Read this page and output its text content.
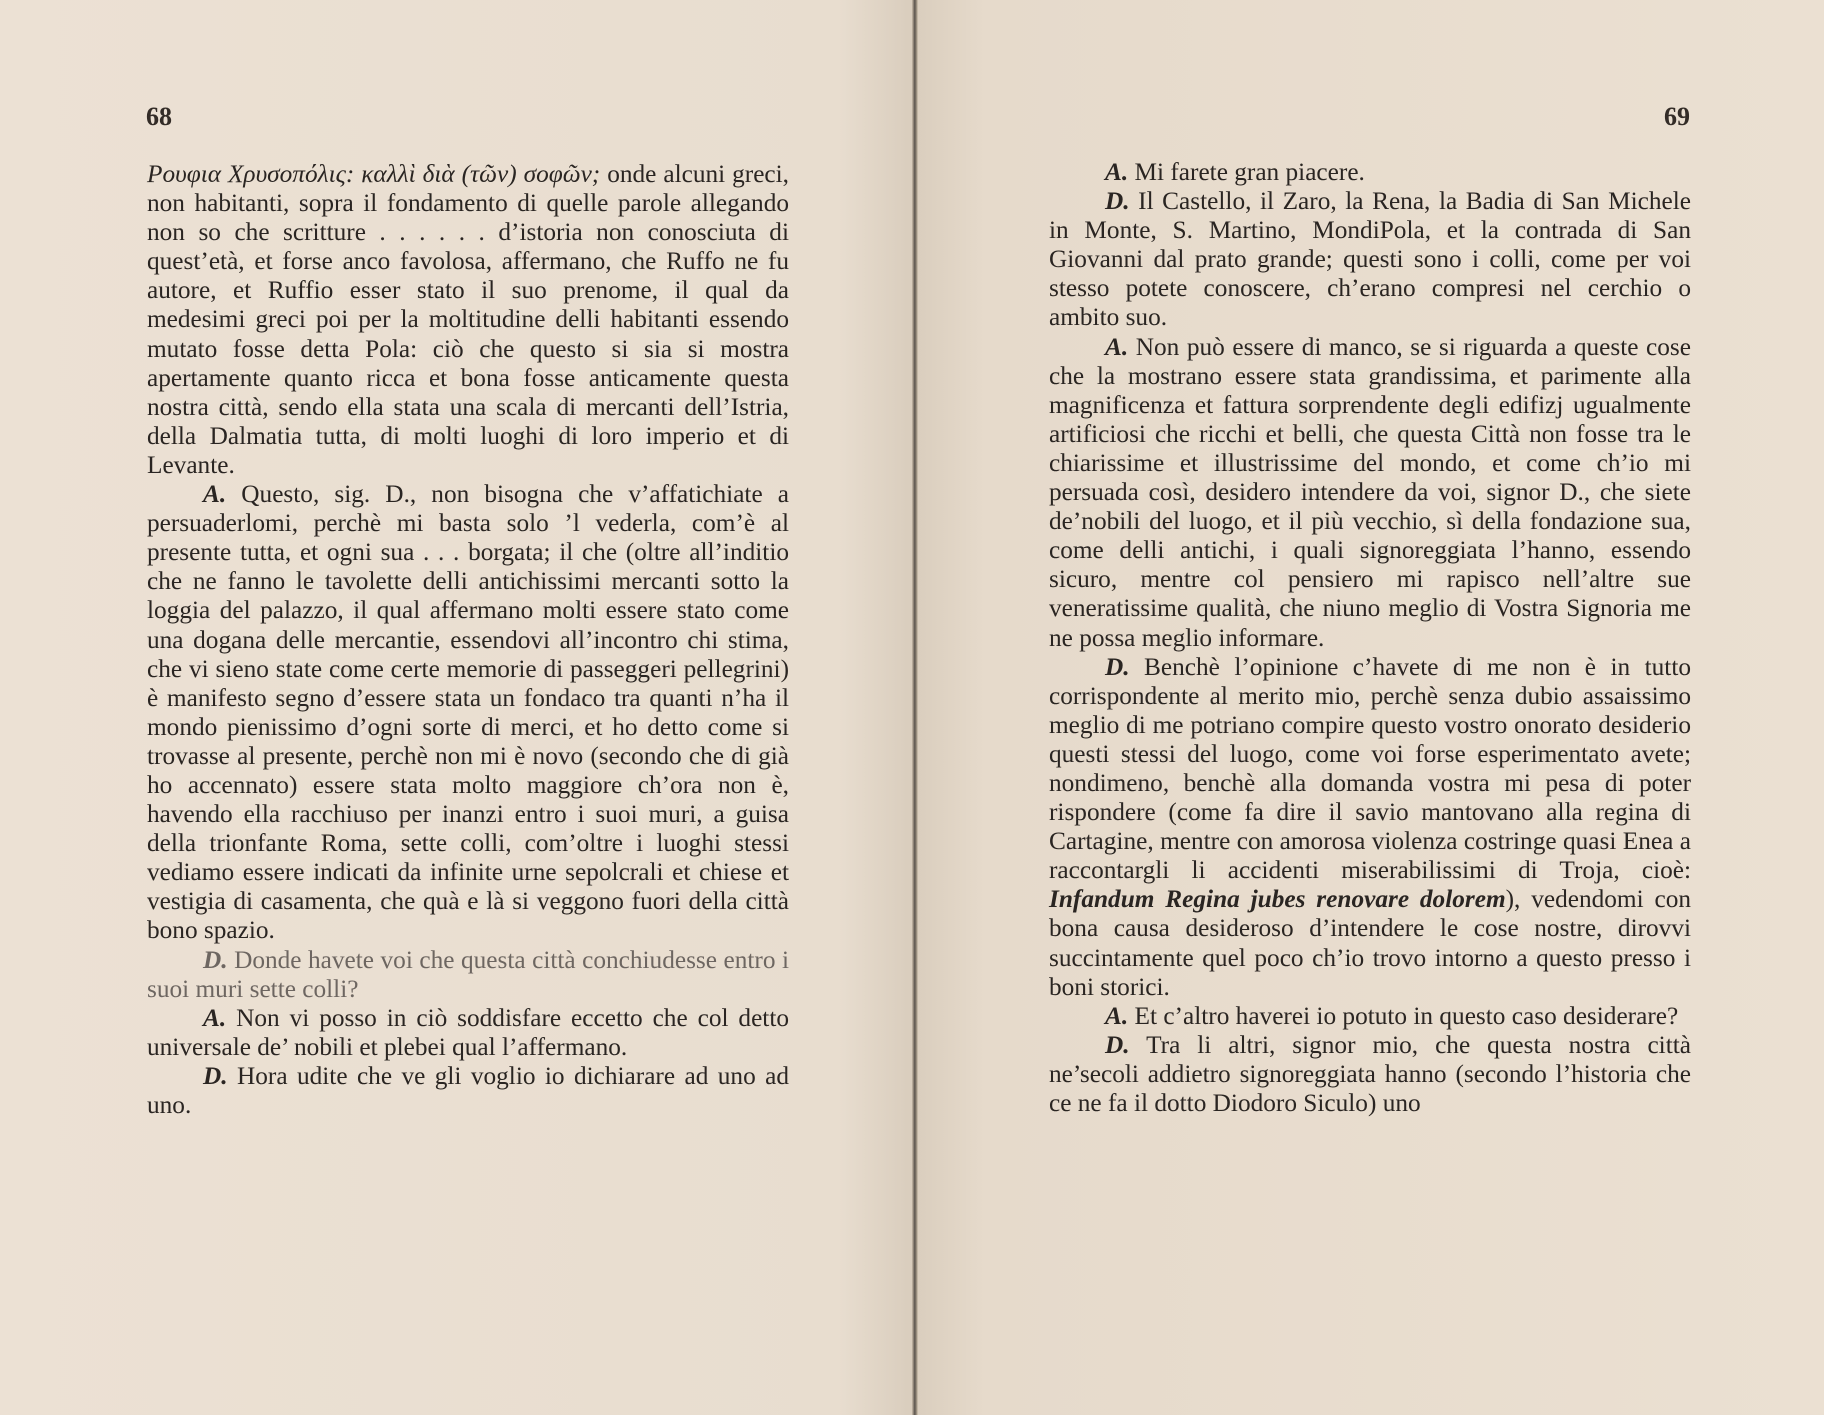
68

Ρουφια Χρυσοπόλις: καλλὶ διὰ (τῶν) σοφῶν; onde alcuni greci, non habitanti, sopra il fondamento di quelle parole allegando non so che scritture . . . . . . d’istoria non conosciuta di quest’età, et forse anco favolosa, affermano, che Ruffo ne fu autore, et Ruffio esser stato il suo prenome, il qual da medesimi greci poi per la moltitudine delli habitanti essendo mutato fosse detta Pola: ciò che questo si sia si mostra apertamente quanto ricca et bona fosse anticamente questa nostra città, sendo ella stata una scala di mercanti dell’Istria, della Dalmatia tutta, di molti luoghi di loro imperio et di Levante.

A. Questo, sig. D., non bisogna che v’affatichiate a persuaderlomi, perchè mi basta solo ’l vederla, com’è al presente tutta, et ogni sua . . . borgata; il che (oltre all’inditio che ne fanno le tavolette delli antichissimi mercanti sotto la loggia del palazzo, il qual affermano molti essere stato come una dogana delle mercantie, essendovi all’incontro chi stima, che vi sieno state come certe memorie di passeggeri pellegrini) è manifesto segno d’essere stata un fondaco tra quanti n’ha il mondo pienissimo d’ogni sorte di merci, et ho detto come si trovasse al presente, perchè non mi è novo (secondo che di già ho accennato) essere stata molto maggiore ch’ora non è, havendo ella racchiuso per inanzi entro i suoi muri, a guisa della trionfante Roma, sette colli, com’oltre i luoghi stessi vediamo essere indicati da infinite urne sepolcrali et chiese et vestigia di casamenta, che quà e là si veggono fuori della città bono spazio.

D. Donde havete voi che questa città conchiudesse entro i suoi muri sette colli?

A. Non vi posso in ciò soddisfare eccetto che col detto universale de’ nobili et plebei qual l’affermano.

D. Hora udite che ve gli voglio io dichiarare ad uno ad uno.

69

A. Mi farete gran piacere.

D. Il Castello, il Zaro, la Rena, la Badia di San Michele in Monte, S. Martino, MondiPola, et la contrada di San Giovanni dal prato grande; questi sono i colli, come per voi stesso potete conoscere, ch’erano compresi nel cerchio o ambito suo.

A. Non può essere di manco, se si riguarda a queste cose che la mostrano essere stata grandissima, et parimente alla magnificenza et fattura sorprendente degli edifizj ugualmente artificiosi che ricchi et belli, che questa Città non fosse tra le chiarissime et illustrissime del mondo, et come ch’io mi persuada così, desidero intendere da voi, signor D., che siete de’nobili del luogo, et il più vecchio, sì della fondazione sua, come delli antichi, i quali signoreggiata l’hanno, essendo sicuro, mentre col pensiero mi rapisco nell’altre sue veneratissime qualità, che niuno meglio di Vostra Signoria me ne possa meglio informare.

D. Benchè l’opinione c’havete di me non è in tutto corrispondente al merito mio, perchè senza dubio assaissimo meglio di me potriano compire questo vostro onorato desiderio questi stessi del luogo, come voi forse esperimentato avete; nondimeno, benchè alla domanda vostra mi pesa di poter rispondere (come fa dire il savio mantovano alla regina di Cartagine, mentre con amorosa violenza costringe quasi Enea a raccontargli li accidenti miserabilissimi di Troja, cioè: Infandum Regina jubes renovare dolorem), vedendomi con bona causa desideroso d’intendere le cose nostre, dirovvi succintamente quel poco ch’io trovo intorno a questo presso i boni storici.

A. Et c’altro haverei io potuto in questo caso desiderare?

D. Tra li altri, signor mio, che questa nostra città ne’secoli addietro signoreggiata hanno (secondo l’historia che ce ne fa il dotto Diodoro Siculo) uno
